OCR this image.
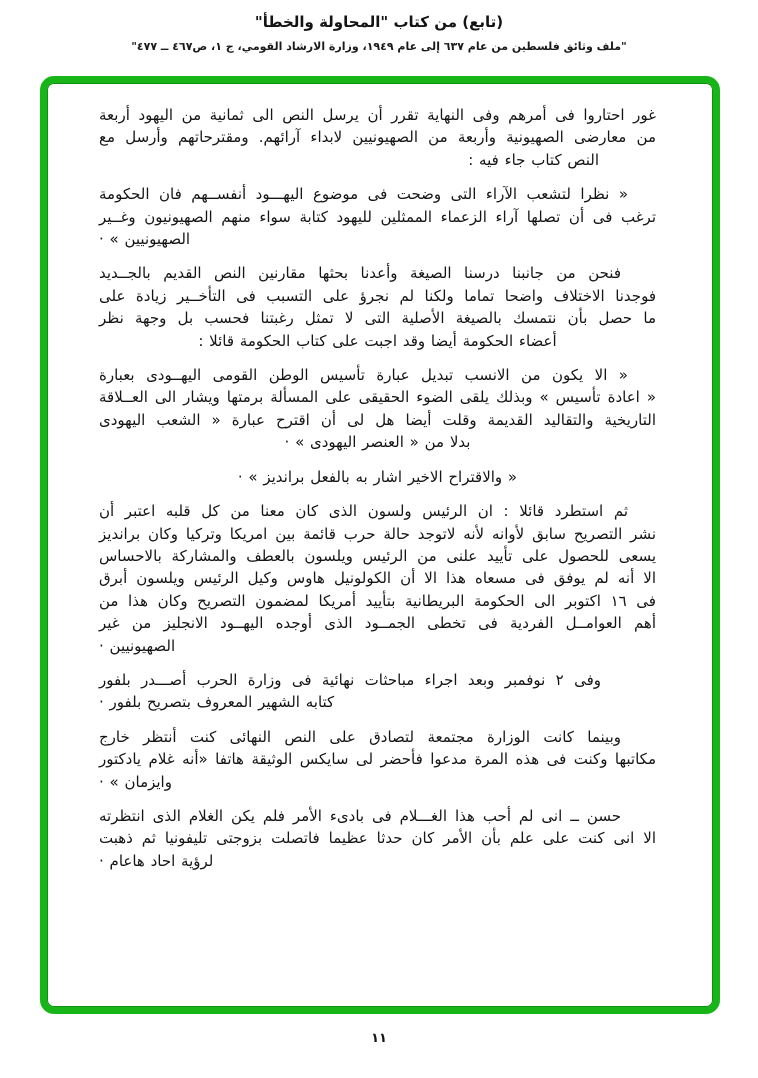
(تابع) من كتاب "المحاولة والخطأ"
"ملف وثائق فلسطين من عام ٦٣٧ إلى عام ١٩٤٩، وزارة الارشاد القومي، ج ١، ص٤٦٧ ــ ٤٧٧"
غور احتاروا فى أمرهم وفى النهاية تقرر أن يرسل النص الى ثمانية من اليهود أربعة
من معارضى الصهيونية وأربعة من الصهيونيين لابداء آرائهم. ومقترحاتهم وأرسل مع
النص كتاب جاء فيه :
« نظرا لتشعب الآراء التى وضحت فى موضوع اليهـــود أنفســهم فان الحكومة
ترغب فى أن تصلها آراء الزعماء الممثلين لليهود كتابة سواء منهم الصهيونيون وغــير
الصهيونيين » ·
فنحن من جانبنا درسنا الصيغة وأعدنا بحثها مقارنين النص القديم بالجــديد
فوجدنا الاختلاف واضحا تماما ولكنا لم نجرؤ على التسبب فى التأخــير زيادة على
ما حصل بأن نتمسك بالصيغة الأصلية التى لا تمثل رغبتنا فحسب بل وجهة نظر
أعضاء الحكومة أيضا وقد اجبت على كتاب الحكومة قائلا :
« الا يكون من الانسب تبديل عبارة تأسيس الوطن القومى اليهــودى بعبارة
« اعادة تأسيس » وبذلك يلقى الضوء الحقيقى على المسألة برمتها ويشار الى العــلاقة
التاريخية والتقاليد القديمة وقلت أيضا هل لى أن اقترح عبارة « الشعب اليهودى
بدلا من « العنصر اليهودى » ·
« والاقتراح الاخير اشار به بالفعل برانديز » ·
ثم استطرد قائلا : ان الرئيس ولسون الذى كان معنا من كل قلبه اعتبر أن
نشر التصريح سابق لأوانه لأنه لاتوجد حالة حرب قائمة بين امريكا وتركيا وكان برانديز
يسعى للحصول على تأييد علنى من الرئيس ويلسون بالعطف والمشاركة بالاحساس
الا أنه لم يوفق فى مسعاه هذا الا أن الكولونيل هاوس وكيل الرئيس ويلسون أبرق
فى ١٦ اكتوبر الى الحكومة البريطانية بتأييد أمريكا لمضمون التصريح وكان هذا من
أهم العوامــل الفردية فى تخطى الجمــود الذى أوجده اليهــود الانجليز من غير
الصهيونيين ·
وفى ٢ نوفمبر وبعد اجراء مباحثات نهائية فى وزارة الحرب أصـــدر بلفور
كتابه الشهير المعروف بتصريح بلفور ·
وبينما كانت الوزارة مجتمعة لتصادق على النص النهائى كنت أنتظر خارج
مكاتبها وكنت فى هذه المرة مدعوا فأحضر لى سايكس الوثيقة هاتفا «أنه غلام يادكتور
وايزمان » ·
حسن ــ انى لم أحب هذا الغـــلام فى بادىء الأمر فلم يكن الغلام الذى انتظرته
الا انى كنت على علم بأن الأمر كان حدثا عظيما فاتصلت بزوجتى تليفونيا ثم ذهبت
لرؤية احاد هاعام ·
١١
